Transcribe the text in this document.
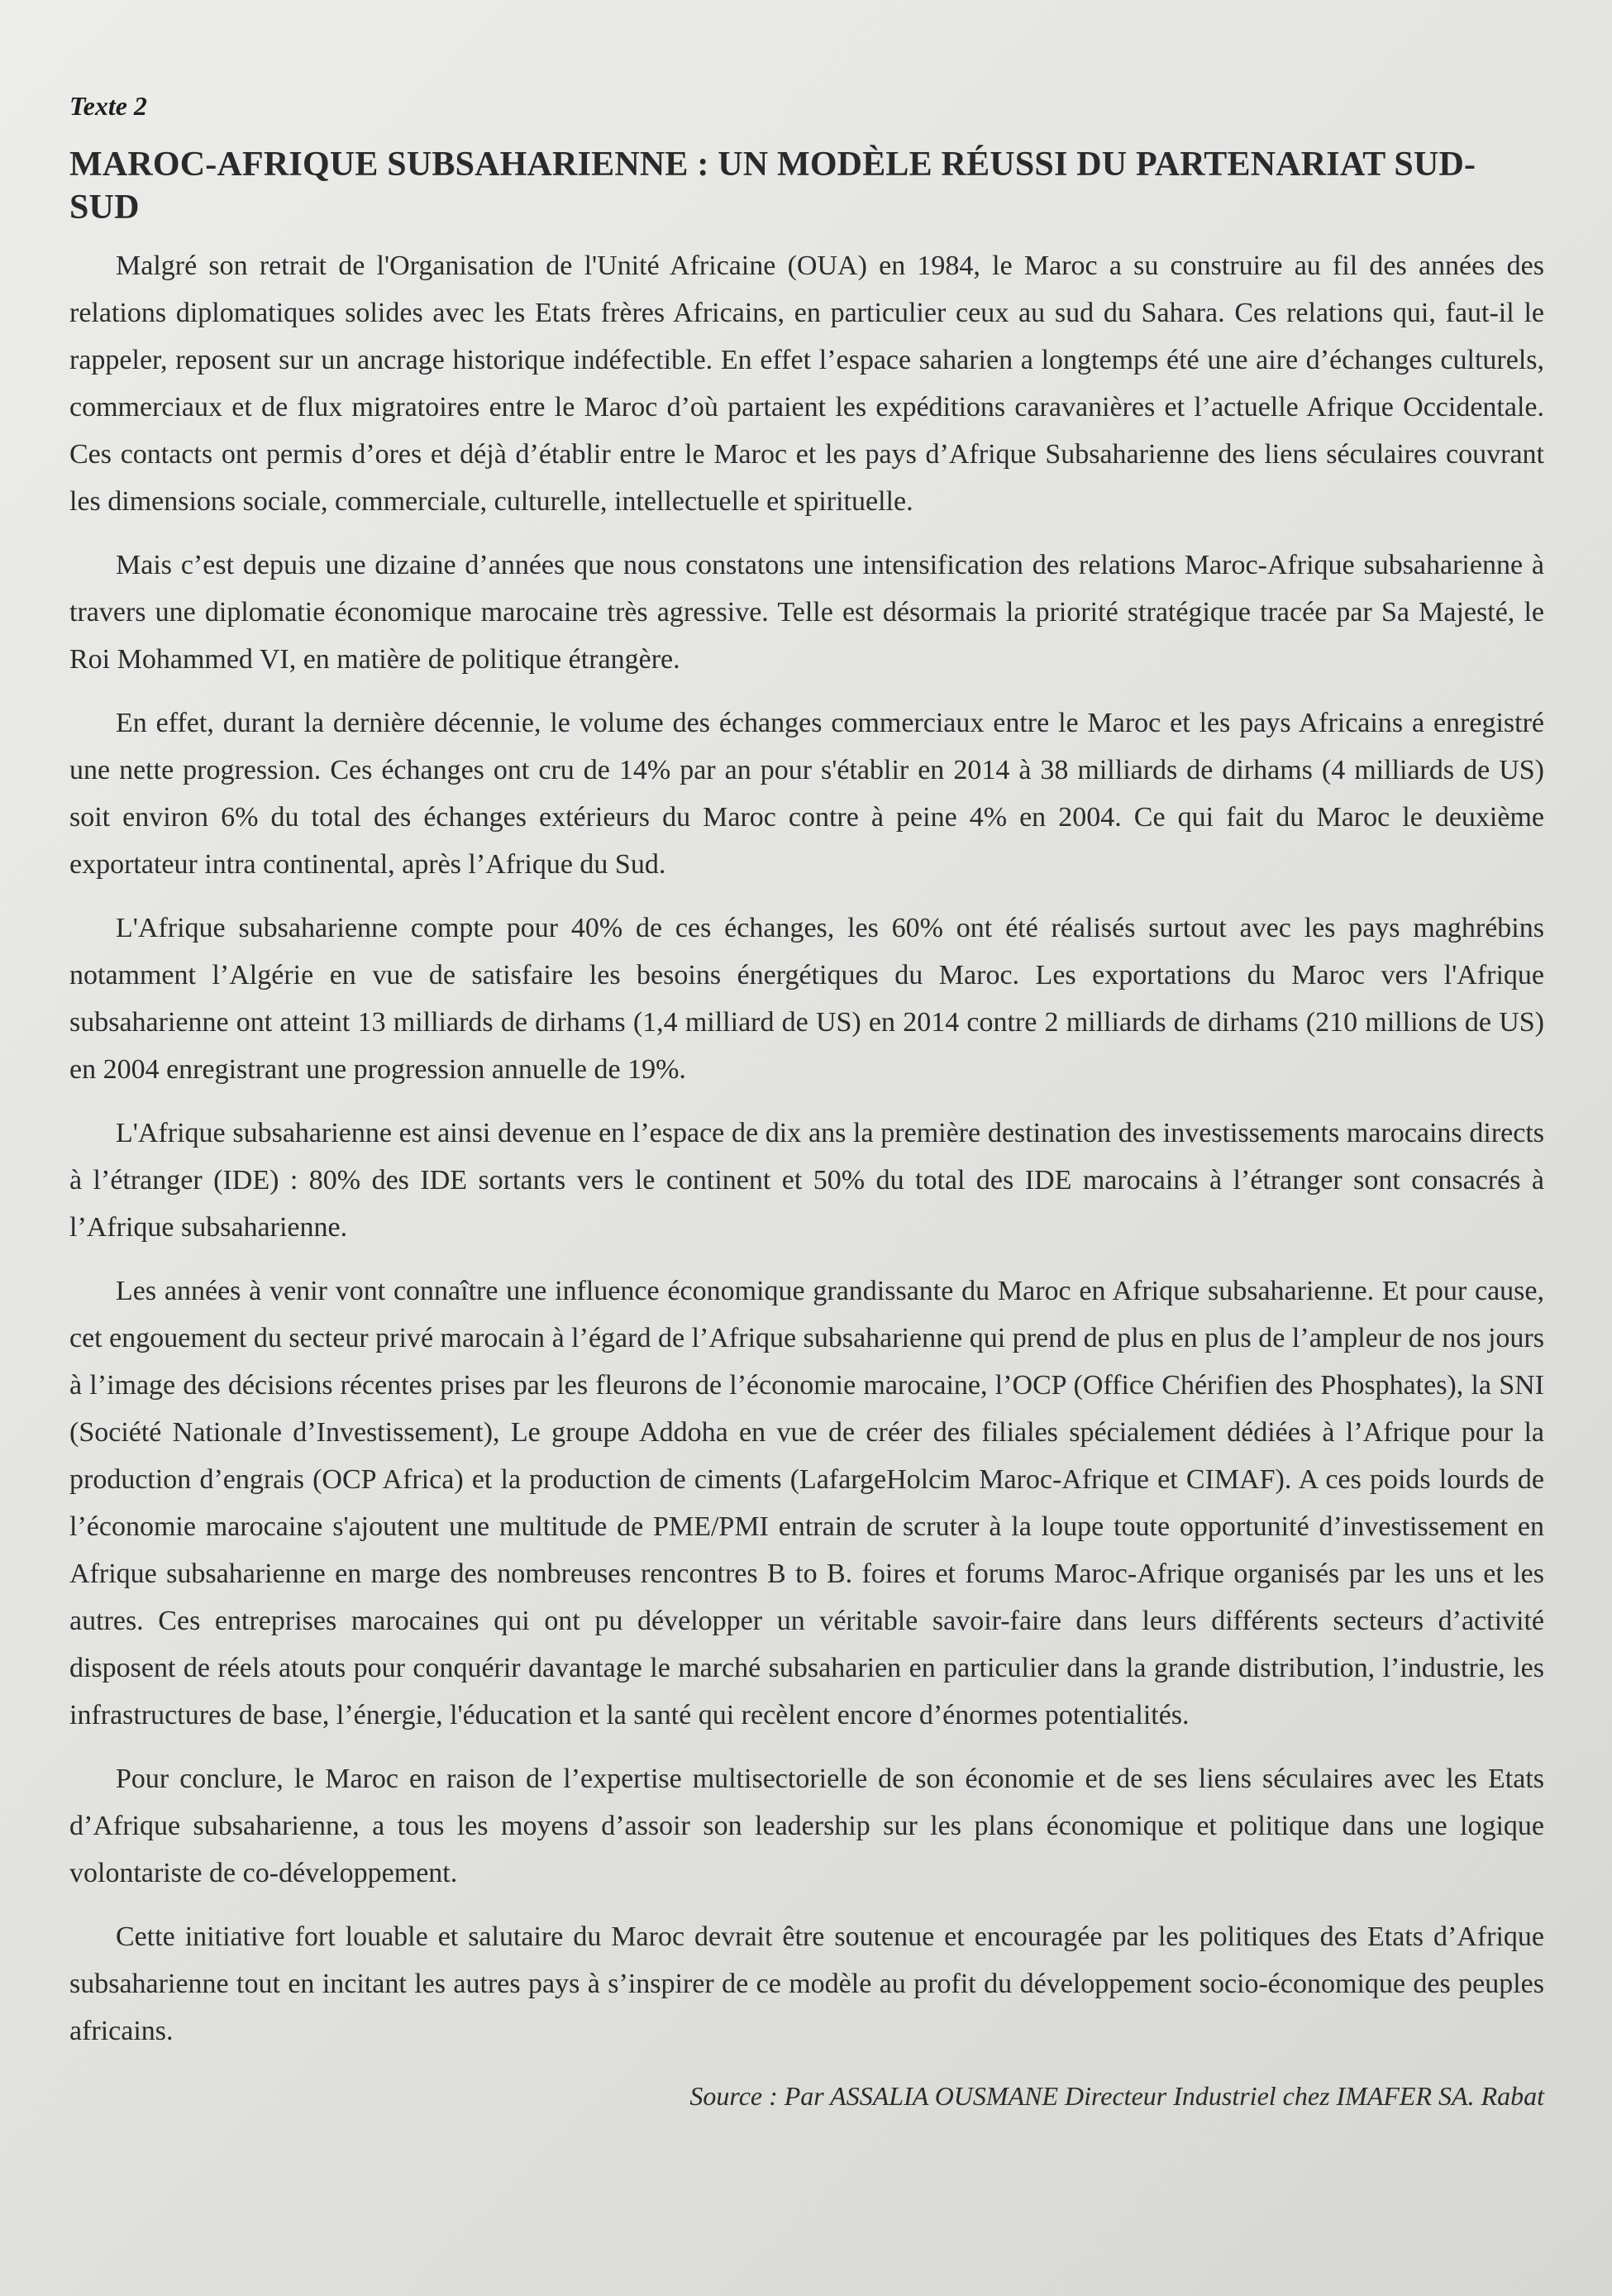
Texte 2
MAROC-AFRIQUE SUBSAHARIENNE : UN MODÈLE RÉUSSI DU PARTENARIAT SUD-SUD

Malgré son retrait de l'Organisation de l'Unité Africaine (OUA) en 1984, le Maroc a su construire au fil des années des relations diplomatiques solides avec les Etats frères Africains, en particulier ceux au sud du Sahara. Ces relations qui, faut-il le rappeler, reposent sur un ancrage historique indéfectible. En effet l’espace saharien a longtemps été une aire d’échanges culturels, commerciaux et de flux migratoires entre le Maroc d’où partaient les expéditions caravanières et l’actuelle Afrique Occidentale. Ces contacts ont permis d’ores et déjà d’établir entre le Maroc et les pays d’Afrique Subsaharienne des liens séculaires couvrant les dimensions sociale, commerciale, culturelle, intellectuelle et spirituelle.

Mais c’est depuis une dizaine d’années que nous constatons une intensification des relations Maroc-Afrique subsaharienne à travers une diplomatie économique marocaine très agressive. Telle est désormais la priorité stratégique tracée par Sa Majesté, le Roi Mohammed VI, en matière de politique étrangère.

En effet, durant la dernière décennie, le volume des échanges commerciaux entre le Maroc et les pays Africains a enregistré une nette progression. Ces échanges ont cru de 14% par an pour s'établir en 2014 à 38 milliards de dirhams (4 milliards de US) soit environ 6% du total des échanges extérieurs du Maroc contre à peine 4% en 2004. Ce qui fait du Maroc le deuxième exportateur intra continental, après l’Afrique du Sud.

L'Afrique subsaharienne compte pour 40% de ces échanges, les 60% ont été réalisés surtout avec les pays maghrébins notamment l’Algérie en vue de satisfaire les besoins énergétiques du Maroc. Les exportations du Maroc vers l'Afrique subsaharienne ont atteint 13 milliards de dirhams (1,4 milliard de US) en 2014 contre 2 milliards de dirhams (210 millions de US) en 2004 enregistrant une progression annuelle de 19%.

L'Afrique subsaharienne est ainsi devenue en l’espace de dix ans la première destination des investissements marocains directs à l’étranger (IDE) : 80% des IDE sortants vers le continent et 50% du total des IDE marocains à l’étranger sont consacrés à l’Afrique subsaharienne.

Les années à venir vont connaître une influence économique grandissante du Maroc en Afrique subsaharienne. Et pour cause, cet engouement du secteur privé marocain à l’égard de l’Afrique subsaharienne qui prend de plus en plus de l’ampleur de nos jours à l’image des décisions récentes prises par les fleurons de l’économie marocaine, l’OCP (Office Chérifien des Phosphates), la SNI (Société Nationale d’Investissement), Le groupe Addoha en vue de créer des filiales spécialement dédiées à l’Afrique pour la production d’engrais (OCP Africa) et la production de ciments (LafargeHolcim Maroc-Afrique et CIMAF). A ces poids lourds de l’économie marocaine s'ajoutent une multitude de PME/PMI entrain de scruter à la loupe toute opportunité d’investissement en Afrique subsaharienne en marge des nombreuses rencontres B to B. foires et forums Maroc-Afrique organisés par les uns et les autres. Ces entreprises marocaines qui ont pu développer un véritable savoir-faire dans leurs différents secteurs d’activité disposent de réels atouts pour conquérir davantage le marché subsaharien en particulier dans la grande distribution, l’industrie, les infrastructures de base, l’énergie, l'éducation et la santé qui recèlent encore d’énormes potentialités.

Pour conclure, le Maroc en raison de l’expertise multisectorielle de son économie et de ses liens séculaires avec les Etats d’Afrique subsaharienne, a tous les moyens d’assoir son leadership sur les plans économique et politique dans une logique volontariste de co-développement.

Cette initiative fort louable et salutaire du Maroc devrait être soutenue et encouragée par les politiques des Etats d’Afrique subsaharienne tout en incitant les autres pays à s’inspirer de ce modèle au profit du développement socio-économique des peuples africains.

Source : Par ASSALIA OUSMANE Directeur Industriel chez IMAFER SA. Rabat
